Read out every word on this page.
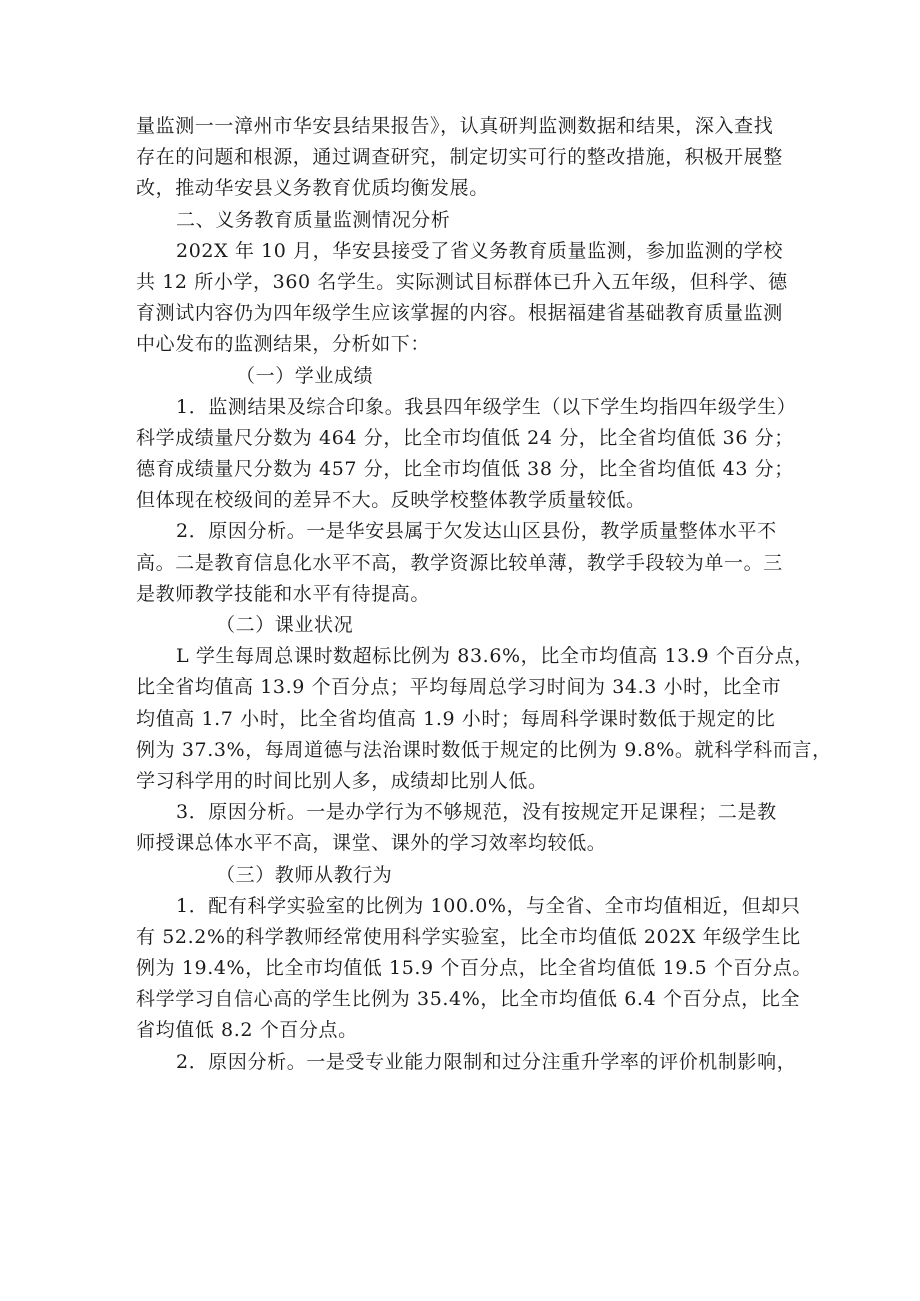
量监测一一漳州市华安县结果报告》，认真研判监测数据和结果，深入查找
存在的问题和根源，通过调查研究，制定切实可行的整改措施，积极开展整
改，推动华安县义务教育优质均衡发展。
二、义务教育质量监测情况分析
202X 年 10 月，华安县接受了省义务教育质量监测，参加监测的学校
共 12 所小学，360 名学生。实际测试目标群体已升入五年级，但科学、德
育测试内容仍为四年级学生应该掌握的内容。根据福建省基础教育质量监测
中心发布的监测结果，分析如下：
（一）学业成绩
1．监测结果及综合印象。我县四年级学生（以下学生均指四年级学生）
科学成绩量尺分数为 464 分，比全市均值低 24 分，比全省均值低 36 分；
德育成绩量尺分数为 457 分，比全市均值低 38 分，比全省均值低 43 分；
但体现在校级间的差异不大。反映学校整体教学质量较低。
2．原因分析。一是华安县属于欠发达山区县份，教学质量整体水平不
高。二是教育信息化水平不高，教学资源比较单薄，教学手段较为单一。三
是教师教学技能和水平有待提高。
（二）课业状况
L 学生每周总课时数超标比例为 83.6%，比全市均值高 13.9 个百分点，
比全省均值高 13.9 个百分点；平均每周总学习时间为 34.3 小时，比全市
均值高 1.7 小时，比全省均值高 1.9 小时；每周科学课时数低于规定的比
例为 37.3%，每周道德与法治课时数低于规定的比例为 9.8%。就科学科而言，
学习科学用的时间比别人多，成绩却比别人低。
3．原因分析。一是办学行为不够规范，没有按规定开足课程；二是教
师授课总体水平不高，课堂、课外的学习效率均较低。
（三）教师从教行为
1．配有科学实验室的比例为 100.0%，与全省、全市均值相近，但却只
有 52.2%的科学教师经常使用科学实验室，比全市均值低 202X 年级学生比
例为 19.4%，比全市均值低 15.9 个百分点，比全省均值低 19.5 个百分点。
科学学习自信心高的学生比例为 35.4%，比全市均值低 6.4 个百分点，比全
省均值低 8.2 个百分点。
2．原因分析。一是受专业能力限制和过分注重升学率的评价机制影响，
